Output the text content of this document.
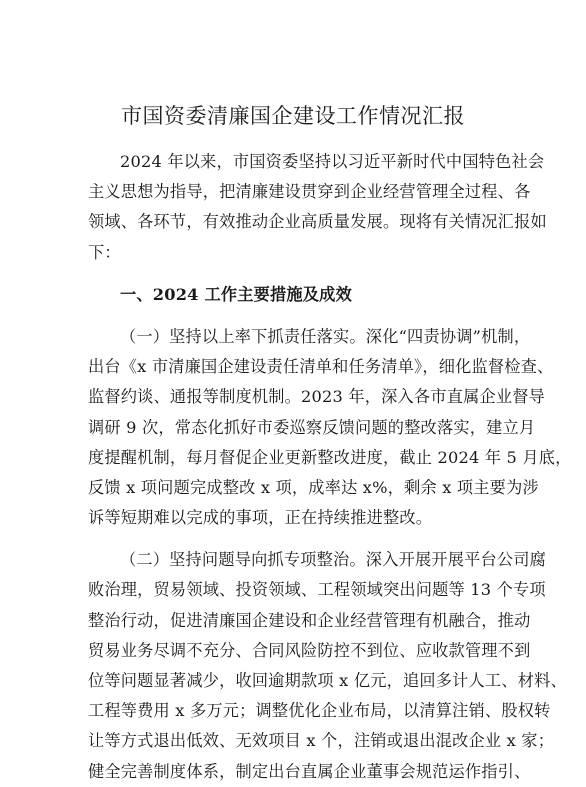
市国资委清廉国企建设工作情况汇报
2024 年以来，市国资委坚持以习近平新时代中国特色社会
主义思想为指导，把清廉建设贯穿到企业经营管理全过程、各
领域、各环节，有效推动企业高质量发展。现将有关情况汇报如
下：
一、2024 工作主要措施及成效
（一）坚持以上率下抓责任落实。深化“四责协调”机制，
出台《x 市清廉国企建设责任清单和任务清单》，细化监督检查、
监督约谈、通报等制度机制。2023 年，深入各市直属企业督导
调研 9 次，常态化抓好市委巡察反馈问题的整改落实，建立月
度提醒机制，每月督促企业更新整改进度，截止 2024 年 5 月底，
反馈 x 项问题完成整改 x 项，成率达 x%，剩余 x 项主要为涉
诉等短期难以完成的事项，正在持续推进整改。
（二）坚持问题导向抓专项整治。深入开展开展平台公司腐
败治理，贸易领域、投资领域、工程领域突出问题等 13 个专项
整治行动，促进清廉国企建设和企业经营管理有机融合，推动
贸易业务尽调不充分、合同风险防控不到位、应收款管理不到
位等问题显著减少，收回逾期款项 x 亿元，追回多计人工、材料、
工程等费用 x 多万元；调整优化企业布局，以清算注销、股权转
让等方式退出低效、无效项目 x 个，注销或退出混改企业 x 家；
健全完善制度体系，制定出台直属企业董事会规范运作指引、
